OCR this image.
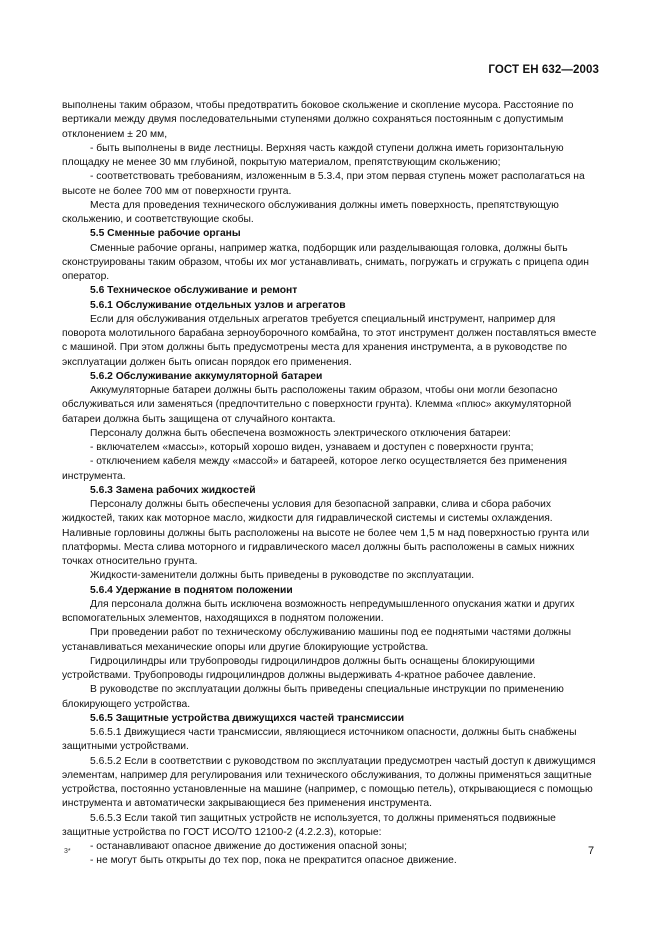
ГОСТ ЕН 632—2003

выполнены таким образом, чтобы предотвратить боковое скольжение и скопление мусора. Расстояние по вертикали между двумя последовательными ступенями должно сохраняться постоянным с допустимым отклонением ± 20 мм,

- быть выполнены в виде лестницы. Верхняя часть каждой ступени должна иметь горизонтальную площадку не менее 30 мм глубиной, покрытую материалом, препятствующим скольжению;

- соответствовать требованиям, изложенным в 5.3.4, при этом первая ступень может располагаться на высоте не более 700 мм от поверхности грунта.

Места для проведения технического обслуживания должны иметь поверхность, препятствующую скольжению, и соответствующие скобы.

5.5 Сменные рабочие органы

Сменные рабочие органы, например жатка, подборщик или разделывающая головка, должны быть сконструированы таким образом, чтобы их мог устанавливать, снимать, погружать и сгружать с прицепа один оператор.

5.6 Техническое обслуживание и ремонт

5.6.1 Обслуживание отдельных узлов и агрегатов

Если для обслуживания отдельных агрегатов требуется специальный инструмент, например для поворота молотильного барабана зерноуборочного комбайна, то этот инструмент должен поставляться вместе с машиной. При этом должны быть предусмотрены места для хранения инструмента, а в руководстве по эксплуатации должен быть описан порядок его применения.

5.6.2 Обслуживание аккумуляторной батареи

Аккумуляторные батареи должны быть расположены таким образом, чтобы они могли безопасно обслуживаться или заменяться (предпочтительно с поверхности грунта). Клемма «плюс» аккумуляторной батареи должна быть защищена от случайного контакта.

Персоналу должна быть обеспечена возможность электрического отключения батареи:

- включателем «массы», который хорошо виден, узнаваем и доступен с поверхности грунта;

- отключением кабеля между «массой» и батареей, которое легко осуществляется без применения инструмента.

5.6.3 Замена рабочих жидкостей

Персоналу должны быть обеспечены условия для безопасной заправки, слива и сбора рабочих жидкостей, таких как моторное масло, жидкости для гидравлической системы и системы охлаждения. Наливные горловины должны быть расположены на высоте не более чем 1,5 м над поверхностью грунта или платформы. Места слива моторного и гидравлического масел должны быть расположены в самых нижних точках относительно грунта.

Жидкости-заменители должны быть приведены в руководстве по эксплуатации.

5.6.4 Удержание в поднятом положении

Для персонала должна быть исключена возможность непредумышленного опускания жатки и других вспомогательных элементов, находящихся в поднятом положении.

При проведении работ по техническому обслуживанию машины под ее поднятыми частями должны устанавливаться механические опоры или другие блокирующие устройства.

Гидроцилиндры или трубопроводы гидроцилиндров должны быть оснащены блокирующими устройствами. Трубопроводы гидроцилиндров должны выдерживать 4-кратное рабочее давление.

В руководстве по эксплуатации должны быть приведены специальные инструкции по применению блокирующего устройства.

5.6.5 Защитные устройства движущихся частей трансмиссии

5.6.5.1 Движущиеся части трансмиссии, являющиеся источником опасности, должны быть снабжены защитными устройствами.

5.6.5.2 Если в соответствии с руководством по эксплуатации предусмотрен частый доступ к движущимся элементам, например для регулирования или технического обслуживания, то должны применяться защитные устройства, постоянно установленные на машине (например, с помощью петель), открывающиеся с помощью инструмента и автоматически закрывающиеся без применения инструмента.

5.6.5.3 Если такой тип защитных устройств не используется, то должны применяться подвижные защитные устройства по ГОСТ ИСО/ТО 12100-2 (4.2.2.3), которые:

- останавливают опасное движение до достижения опасной зоны;

- не могут быть открыты до тех пор, пока не прекратится опасное движение.

3*	7
